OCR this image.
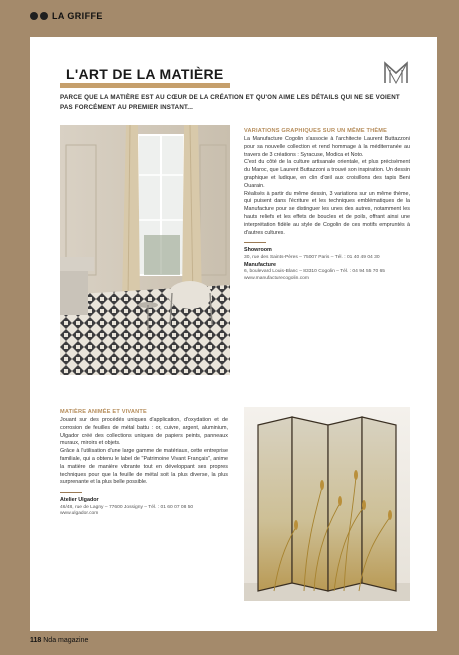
LA GRIFFE
L'ART DE LA MATIÈRE
PARCE QUE LA MATIÈRE EST AU CŒUR DE LA CRÉATION ET QU'ON AIME LES DÉTAILS QUI NE SE VOIENT PAS FORCÉMENT AU PREMIER INSTANT...
VARIATIONS GRAPHIQUES SUR UN MÊME THÈME

La Manufacture Cogolin s'associe à l'architecte Laurent Buttazzoni pour sa nouvelle collection et rend hommage à la méditerranée au travers de 3 créations : Syracuse, Modica et Noto.

C'est du côté de la culture artisanale orientale, et plus précisément du Maroc, que Laurent Buttazzoni a trouvé son inspiration. Un dessin graphique et ludique, en clin d'œil aux croisillons des tapis Beni Ouarain.

Réalisés à partir du même dessin, 3 variations sur un même thème, qui puisent dans l'écriture et les techniques emblématiques de la Manufacture pour se distinguer les unes des autres, notamment les hauts reliefs et les effets de boucles et de poils, offrant ainsi une interprétation fidèle au style de Cogolin de ces motifs empruntés à d'autres cultures.

Showroom
30, rue des Saints-Pères – 75007 Paris – Tél. : 01 40 49 04 30
Manufacture
6, boulevard Louis-Blanc – 83310 Cogolin – Tél. : 04 94 55 70 65
www.manufacturecogolin.com
MATIÈRE ANIMÉE ET VIVANTE

Jouant sur des procédés uniques d'application, d'oxydation et de corrosion de feuilles de métal battu : or, cuivre, argent, aluminium, Ulgador créé des collections uniques de papiers peints, panneaux muraux, miroirs et objets.

Grâce à l'utilisation d'une large gamme de matériaux, cette entreprise familiale, qui a obtenu le label de "Patrimoine Vivant Français", anime la matière de manière vibrante tout en développant ses propres techniques pour que la feuille de métal soit la plus diverse, la plus surprenante et la plus belle possible.

Atelier Ulgador
46/48, rue de Lagny – 77600 Jossigny – Tél. : 01 60 07 08 50
www.ulgador.com
118 Nda magazine
